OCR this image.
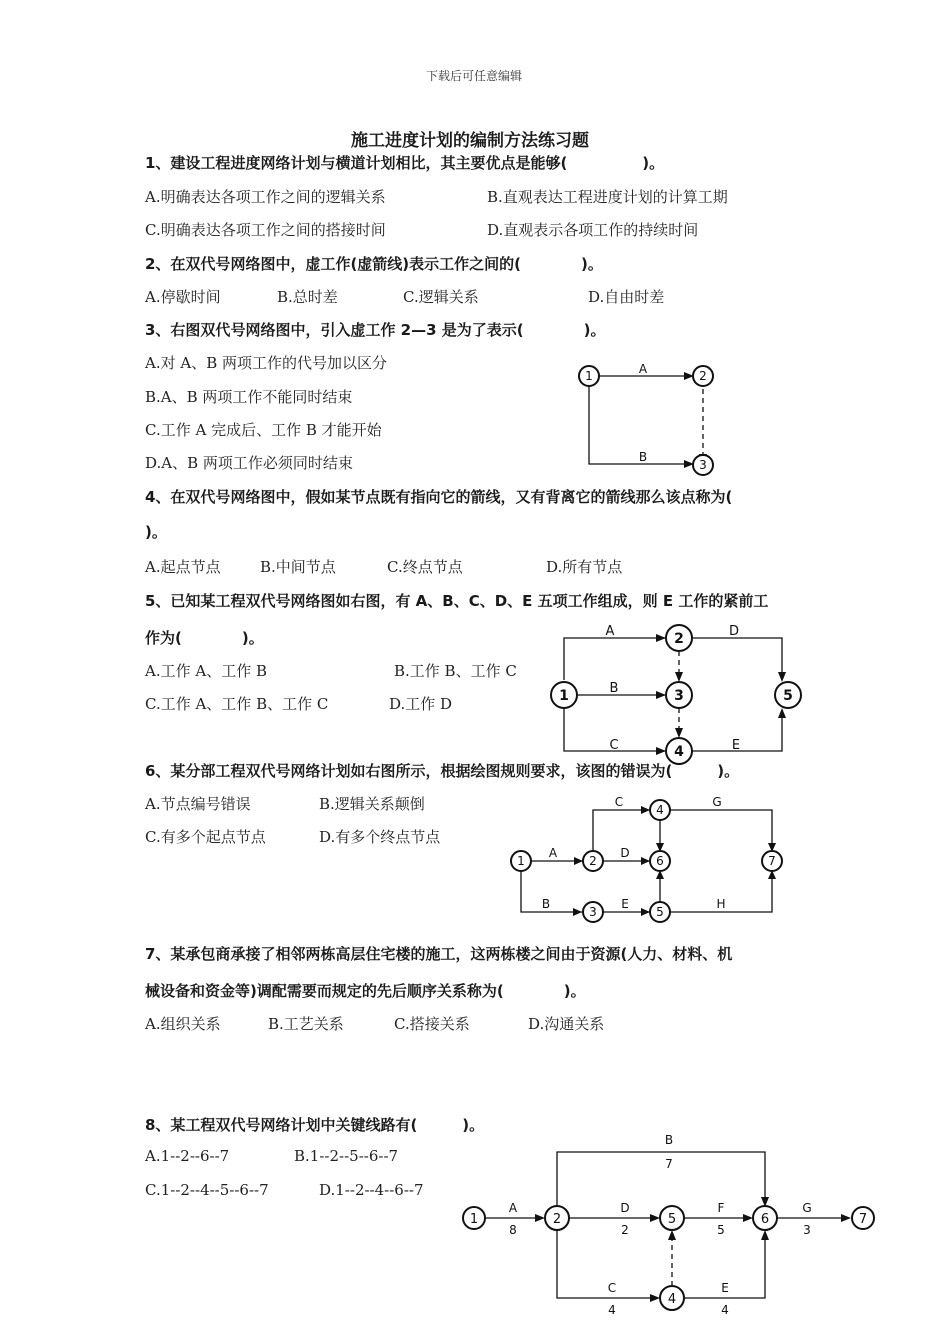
下载后可任意编辑
施工进度计划的编制方法练习题
1、建设工程进度网络计划与横道计划相比，其主要优点是能够(　　　　　)。
A.明确表达各项工作之间的逻辑关系	B.直观表达工程进度计划的计算工期
C.明确表达各项工作之间的搭接时间	D.直观表示各项工作的持续时间
2、在双代号网络图中，虚工作(虚箭线)表示工作之间的(　　　　)。
A.停歇时间	B.总时差	C.逻辑关系	D.自由时差
3、右图双代号网络图中，引入虚工作 2—3 是为了表示(　　　　)。
A.对 A、B 两项工作的代号加以区分
B.A、B 两项工作不能同时结束
C.工作 A 完成后、工作 B 才能开始
D.A、B 两项工作必须同时结束
A
B
1	2
3
4、在双代号网络图中，假如某节点既有指向它的箭线，又有背离它的箭线那么该点称为(
)。
A.起点节点	B.中间节点	C.终点节点	D.所有节点
5、已知某工程双代号网络图如右图，有 A、B、C、D、E 五项工作组成，则 E 工作的紧前工
作为(　　　　)。
A.工作 A、工作 B	B.工作 B、工作 C
C.工作 A、工作 B、工作 C	D.工作 D
A
B
C
D
E
1
2
3
4
5
6、某分部工程双代号网络计划如右图所示，根据绘图规则要求，该图的错误为(　　　)。
A.节点编号错误	B.逻辑关系颠倒
C.有多个起点节点	D.有多个终点节点
C	G
A	D
B	E	H
1	2
3
4
5
6	7
7、某承包商承接了相邻两栋高层住宅楼的施工，这两栋楼之间由于资源(人力、材料、机
械设备和资金等)调配需要而规定的先后顺序关系称为(　　　　)。
A.组织关系	B.工艺关系	C.搭接关系	D.沟通关系
8、某工程双代号网络计划中关键线路有(　　　)。
A.1--2--6--7	B.1--2--5--6--7
C.1--2--4--5--6--7	D.1--2--4--6--7
B
7
A
8
D
2
F
5
G
3
C
4
E
4
1	2
4
5	6	7
